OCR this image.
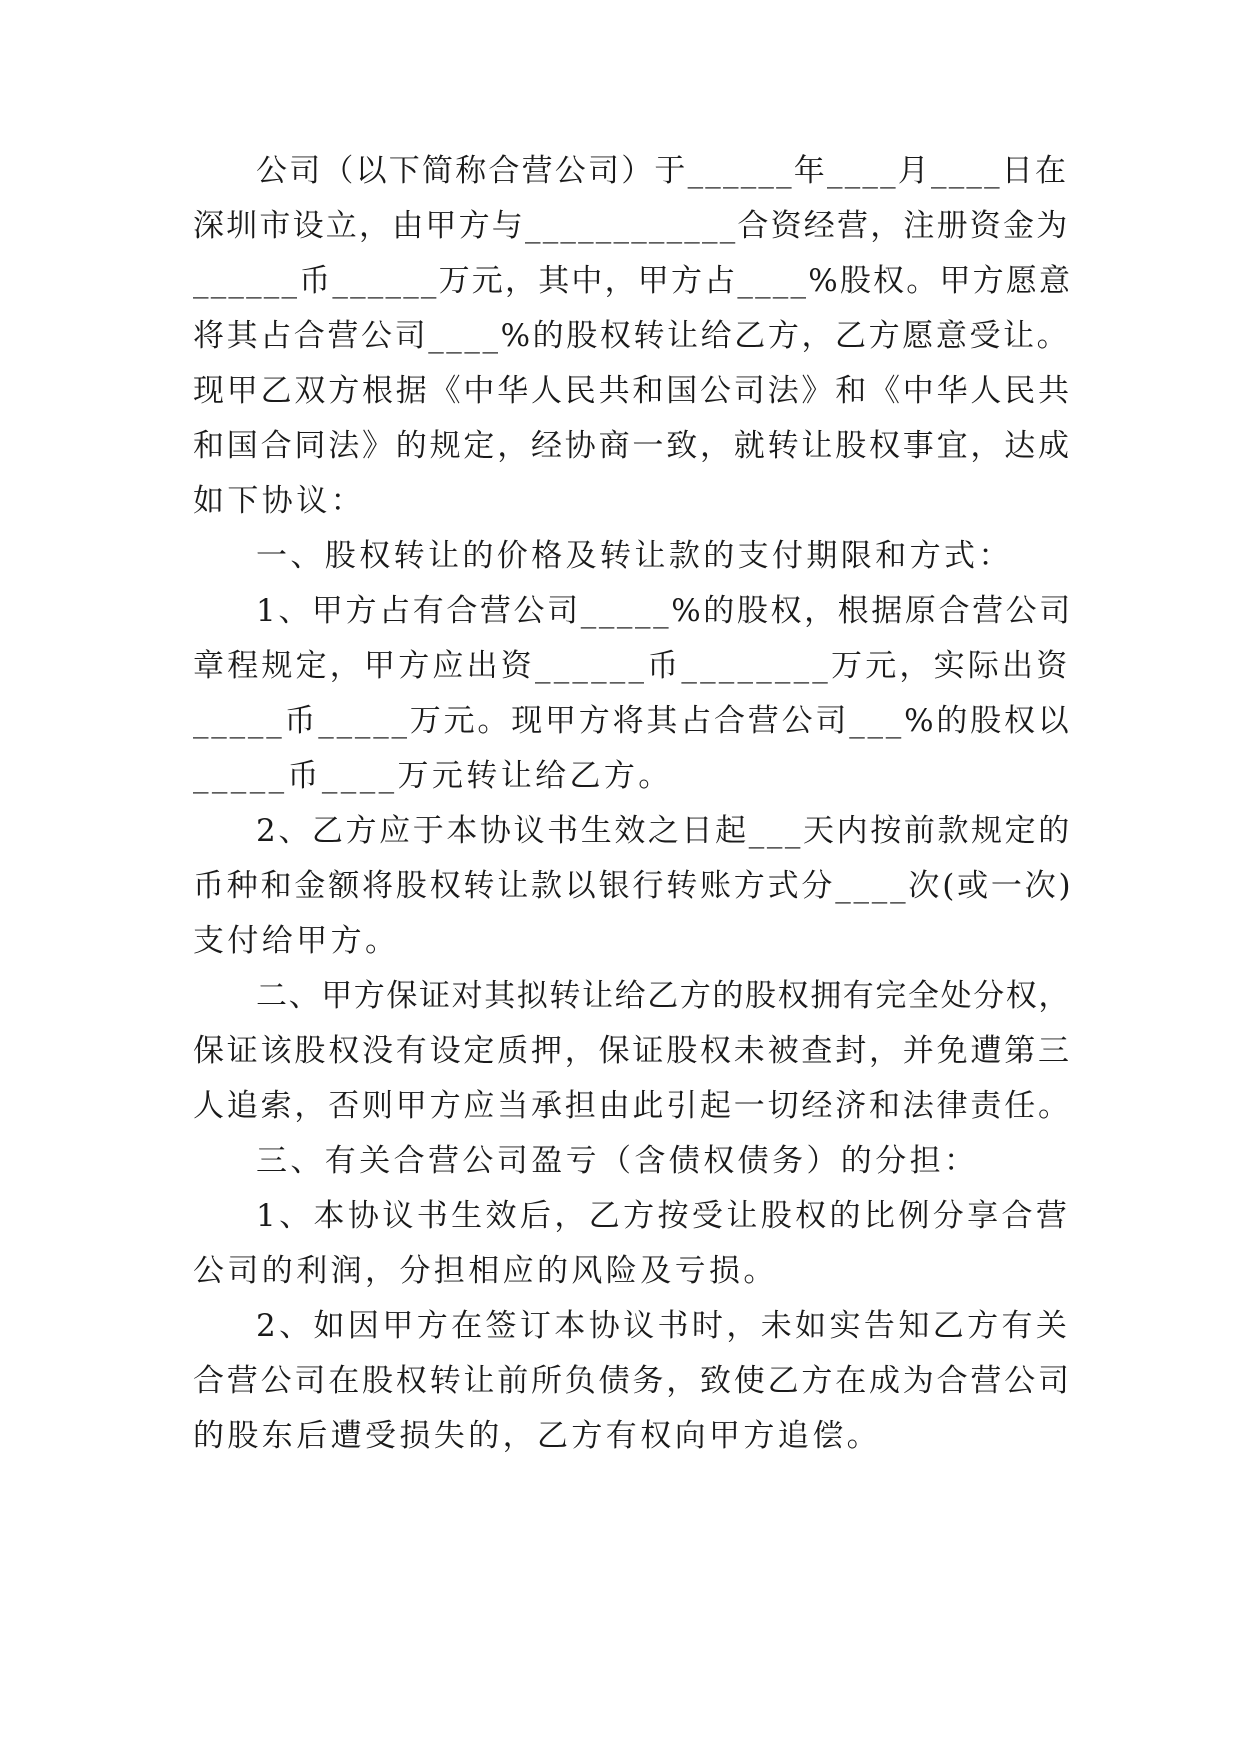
公司（以下简称合营公司）于______年____月____日在
深圳市设立，由甲方与____________合资经营，注册资金为
______币______万元，其中，甲方占____%股权。甲方愿意
将其占合营公司____%的股权转让给乙方，乙方愿意受让。
现甲乙双方根据《中华人民共和国公司法》和《中华人民共
和国合同法》的规定，经协商一致，就转让股权事宜，达成
如下协议：
一、股权转让的价格及转让款的支付期限和方式：
1、甲方占有合营公司_____%的股权，根据原合营公司
章程规定，甲方应出资______币________万元，实际出资
_____币_____万元。现甲方将其占合营公司___%的股权以
_____币____万元转让给乙方。
2、乙方应于本协议书生效之日起___天内按前款规定的
币种和金额将股权转让款以银行转账方式分____次(或一次)
支付给甲方。
二、甲方保证对其拟转让给乙方的股权拥有完全处分权，
保证该股权没有设定质押，保证股权未被查封，并免遭第三
人追索，否则甲方应当承担由此引起一切经济和法律责任。
三、有关合营公司盈亏（含债权债务）的分担：
1、本协议书生效后，乙方按受让股权的比例分享合营
公司的利润，分担相应的风险及亏损。
2、如因甲方在签订本协议书时，未如实告知乙方有关
合营公司在股权转让前所负债务，致使乙方在成为合营公司
的股东后遭受损失的，乙方有权向甲方追偿。
